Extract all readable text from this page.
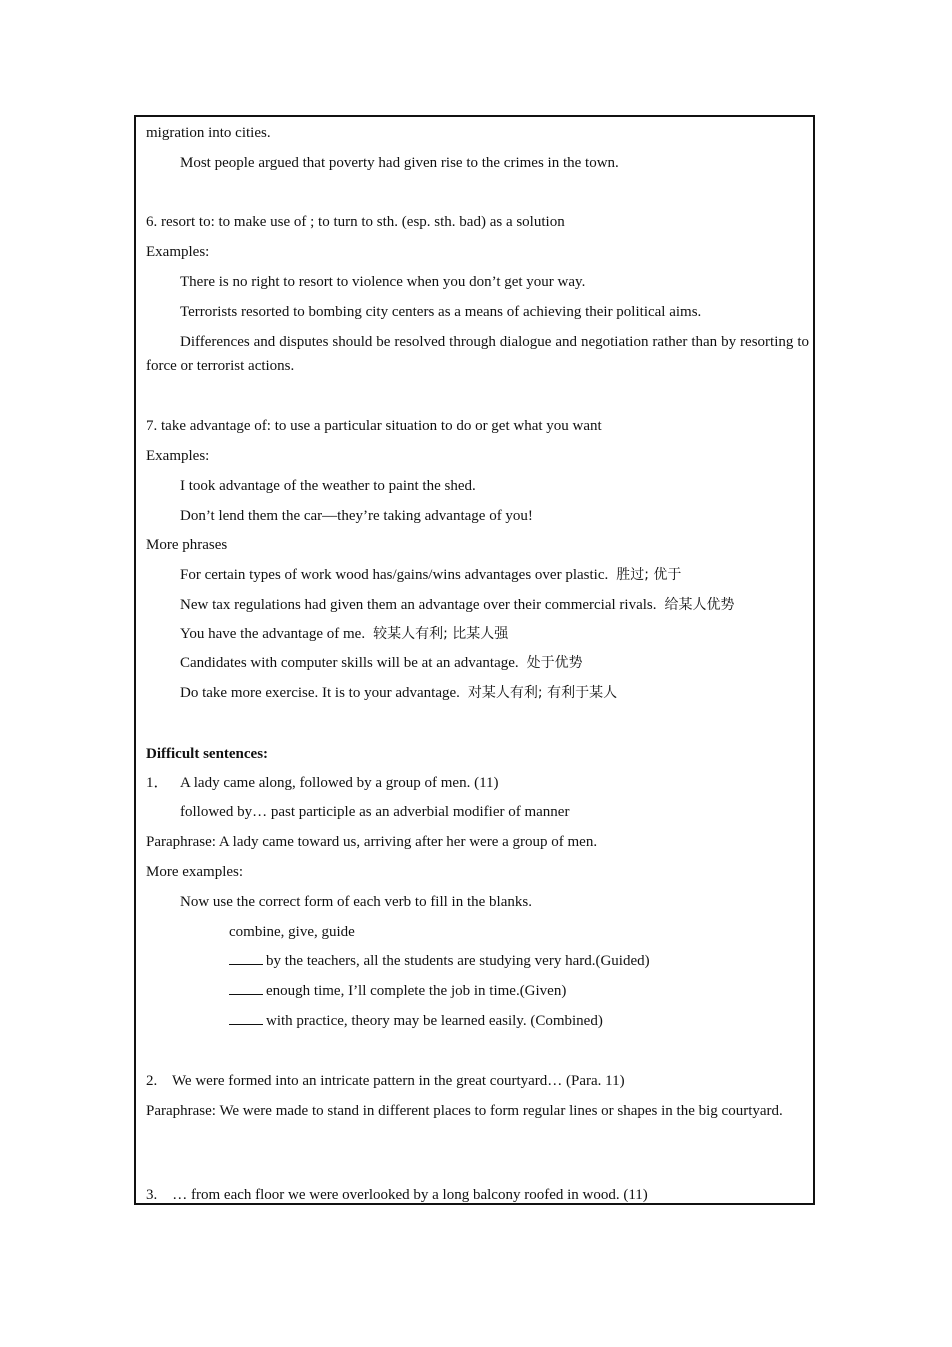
migration into cities.
Most people argued that poverty had given rise to the crimes in the town.
6. resort to: to make use of ; to turn to sth. (esp. sth. bad) as a solution
Examples:
There is no right to resort to violence when you don’t get your way.
Terrorists resorted to bombing city centers as a means of achieving their political aims.
Differences and disputes should be resolved through dialogue and negotiation rather than by resorting to force or terrorist actions.
7. take advantage of: to use a particular situation to do or get what you want
Examples:
I took advantage of the weather to paint the shed.
Don’t lend them the car—they’re taking advantage of you!
More phrases
For certain types of work wood has/gains/wins advantages over plastic. 胜过; 优于
New tax regulations had given them an advantage over their commercial rivals. 给某人优势
You have the advantage of me. 较某人有利; 比某人强
Candidates with computer skills will be at an advantage. 处于优势
Do take more exercise. It is to your advantage. 对某人有利; 有利于某人
Difficult sentences:
1． A lady came along, followed by a group of men. (11)
followed by… past participle as an adverbial modifier of manner
Paraphrase: A lady came toward us, arriving after her were a group of men.
More examples:
Now use the correct form of each verb to fill in the blanks.
combine, give, guide
by the teachers, all the students are studying very hard.(Guided)
enough time, I’ll complete the job in time.(Given)
with practice, theory may be learned easily. (Combined)
2.    We were formed into an intricate pattern in the great courtyard… (Para. 11)
Paraphrase: We were made to stand in different places to form regular lines or shapes in the big courtyard.
3.    … from each floor we were overlooked by a long balcony roofed in wood. (11)
